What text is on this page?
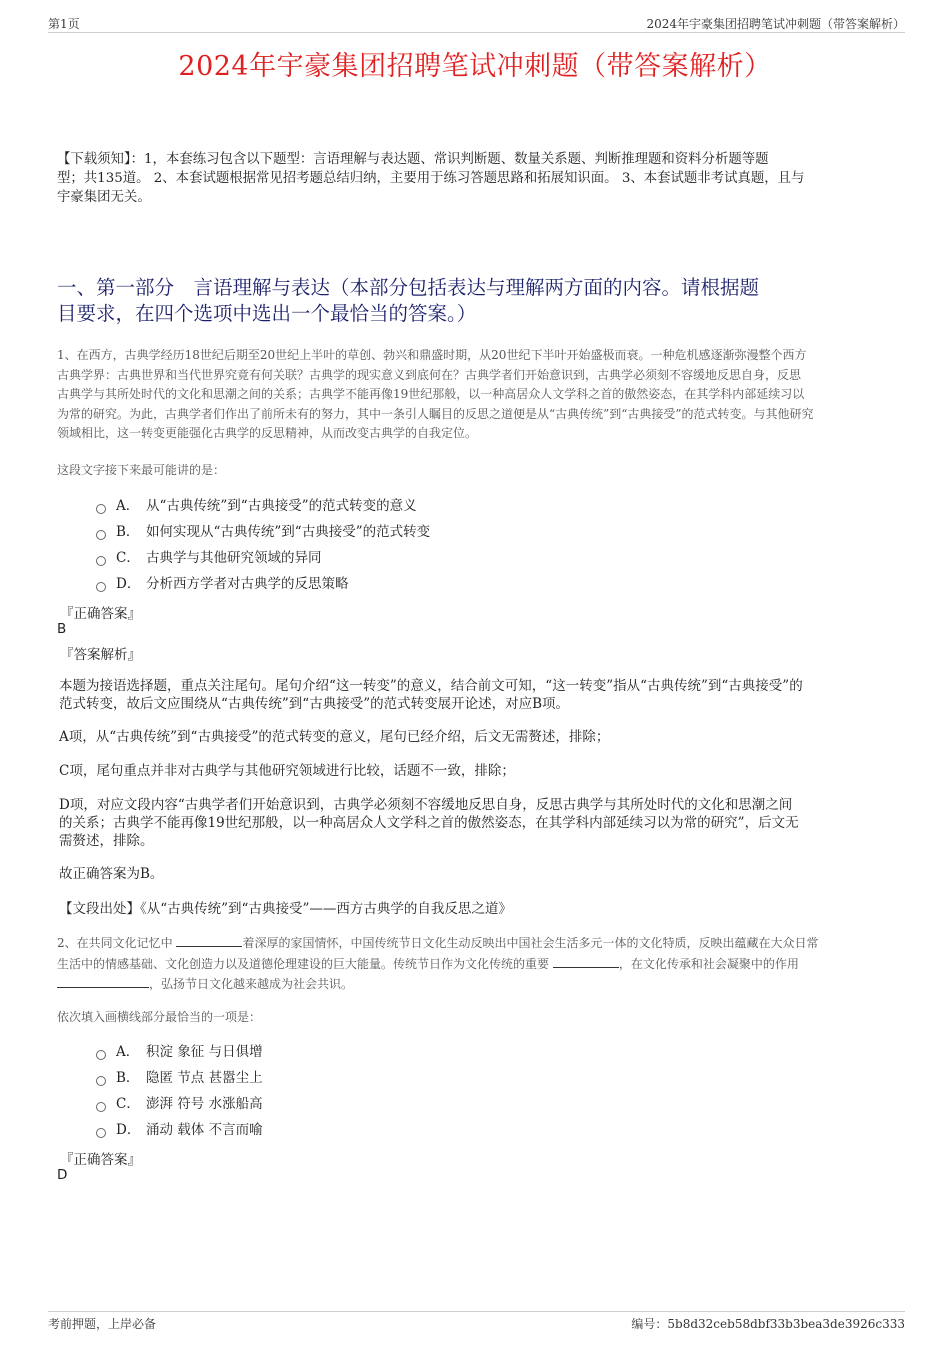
第1页	2024年宇豪集团招聘笔试冲刺题（带答案解析）
2024年宇豪集团招聘笔试冲刺题（带答案解析）
【下载须知】：1，本套练习包含以下题型：言语理解与表达题、常识判断题、数量关系题、判断推理题和资料分析题等题
型；共135道。 2、本套试题根据常见招考题总结归纳，主要用于练习答题思路和拓展知识面。 3、本套试题非考试真题，且与
宇豪集团无关。
一、第一部分　言语理解与表达（本部分包括表达与理解两方面的内容。请根据题
目要求，在四个选项中选出一个最恰当的答案。）
1、在西方，古典学经历18世纪后期至20世纪上半叶的草创、勃兴和鼎盛时期，从20世纪下半叶开始盛极而衰。一种危机感逐渐弥漫整个西方
古典学界：古典世界和当代世界究竟有何关联？古典学的现实意义到底何在？古典学者们开始意识到，古典学必须刻不容缓地反思自身，反思
古典学与其所处时代的文化和思潮之间的关系；古典学不能再像19世纪那般，以一种高居众人文学科之首的傲然姿态，在其学科内部延续习以
为常的研究。为此，古典学者们作出了前所未有的努力，其中一条引人瞩目的反思之道便是从“古典传统”到“古典接受”的范式转变。与其他研究
领域相比，这一转变更能强化古典学的反思精神，从而改变古典学的自我定位。
这段文字接下来最可能讲的是：
A． 从“古典传统”到“古典接受”的范式转变的意义
B． 如何实现从“古典传统”到“古典接受”的范式转变
C． 古典学与其他研究领域的异同
D． 分析西方学者对古典学的反思策略
『正确答案』
B
『答案解析』
本题为接语选择题，重点关注尾句。尾句介绍“这一转变”的意义，结合前文可知，“这一转变”指从“古典传统”到“古典接受”的
范式转变，故后文应围绕从“古典传统”到“古典接受”的范式转变展开论述，对应B项。
A项，从“古典传统”到“古典接受”的范式转变的意义，尾句已经介绍，后文无需赘述，排除；
C项，尾句重点并非对古典学与其他研究领域进行比较，话题不一致，排除；
D项，对应文段内容“古典学者们开始意识到，古典学必须刻不容缓地反思自身，反思古典学与其所处时代的文化和思潮之间
的关系；古典学不能再像19世纪那般，以一种高居众人文学科之首的傲然姿态，在其学科内部延续习以为常的研究”，后文无
需赘述，排除。
故正确答案为B。
【文段出处】《从“古典传统”到“古典接受”——西方古典学的自我反思之道》
2、在共同文化记忆中	着深厚的家国情怀，中国传统节日文化生动反映出中国社会生活多元一体的文化特质，反映出蕴藏在大众日常
生活中的情感基础、文化创造力以及道德伦理建设的巨大能量。传统节日作为文化传统的重要	，在文化传承和社会凝聚中的作用
，弘扬节日文化越来越成为社会共识。
依次填入画横线部分最恰当的一项是：
A． 积淀 象征 与日俱增
B． 隐匿 节点 甚嚣尘上
C． 澎湃 符号 水涨船高
D． 涌动 载体 不言而喻
『正确答案』
D
考前押题，上岸必备	编号：5b8d32ceb58dbf33b3bea3de3926c333
